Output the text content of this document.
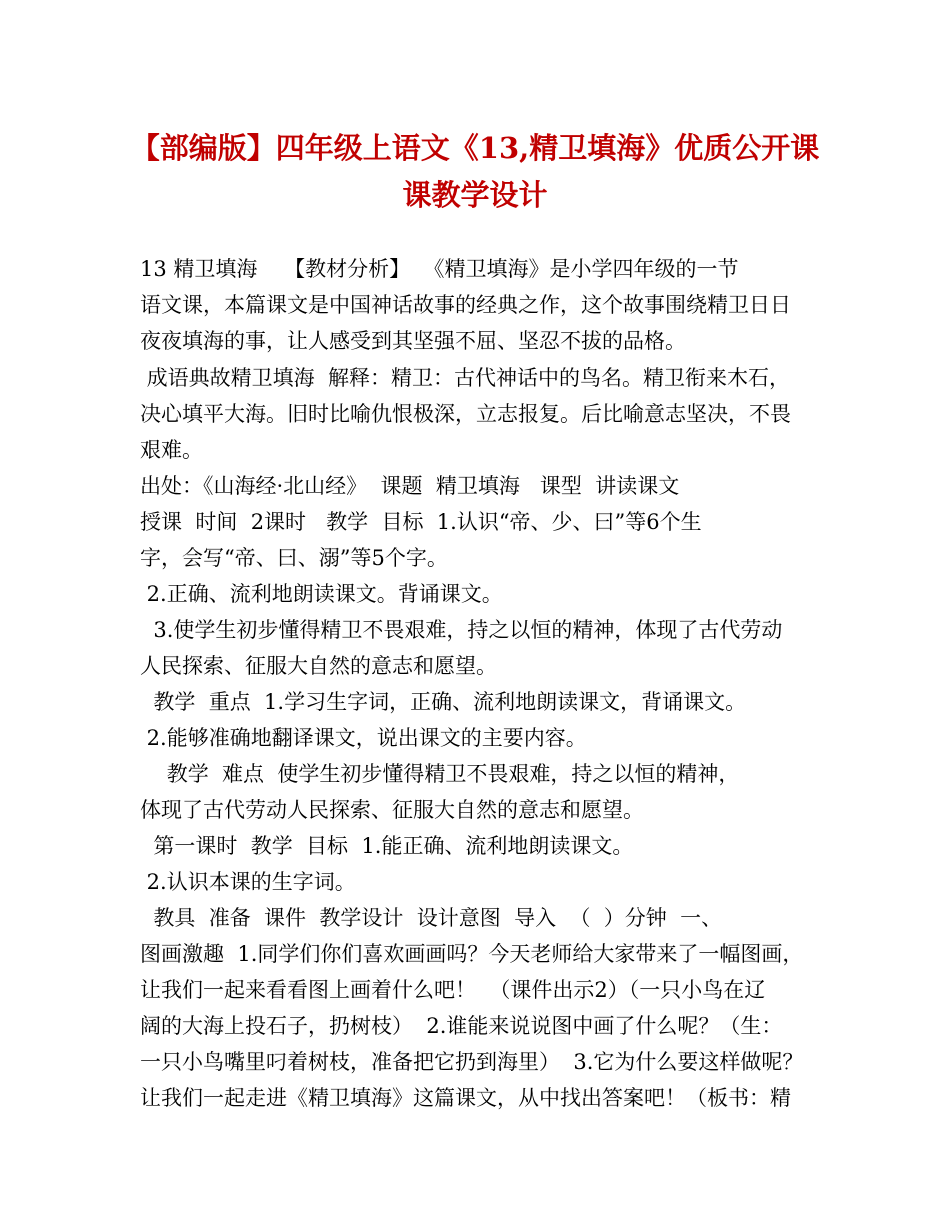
【部编版】四年级上语文《13,精卫填海》优质公开课
课教学设计
13 精卫填海    【教材分析】  《精卫填海》是小学四年级的一节
语文课，本篇课文是中国神话故事的经典之作，这个故事围绕精卫日日
夜夜填海的事，让人感受到其坚强不屈、坚忍不拔的品格。
成语典故精卫填海  解释：精卫：古代神话中的鸟名。精卫衔来木石，
决心填平大海。旧时比喻仇恨极深，立志报复。后比喻意志坚决，不畏
艰难。
出处：《山海经·北山经》  课题  精卫填海   课型  讲读课文
授课  时间  2课时   教学  目标  1.认识“帝、少、曰”等6个生
字，会写“帝、曰、溺”等5个字。
2.正确、流利地朗读课文。背诵课文。
3.使学生初步懂得精卫不畏艰难，持之以恒的精神，体现了古代劳动
人民探索、征服大自然的意志和愿望。
教学  重点  1.学习生字词，正确、流利地朗读课文，背诵课文。
2.能够准确地翻译课文，说出课文的主要内容。
教学  难点  使学生初步懂得精卫不畏艰难，持之以恒的精神，
体现了古代劳动人民探索、征服大自然的意志和愿望。
第一课时  教学  目标  1.能正确、流利地朗读课文。
2.认识本课的生字词。
教具  准备  课件  教学设计  设计意图  导入  （  ）分钟  一、
图画激趣  1.同学们你们喜欢画画吗？今天老师给大家带来了一幅图画，
让我们一起来看看图上画着什么吧！  （课件出示2）（一只小鸟在辽
阔的大海上投石子，扔树枝）  2.谁能来说说图中画了什么呢？（生：
一只小鸟嘴里叼着树枝，准备把它扔到海里）  3.它为什么要这样做呢？
让我们一起走进《精卫填海》这篇课文，从中找出答案吧！（板书：精
